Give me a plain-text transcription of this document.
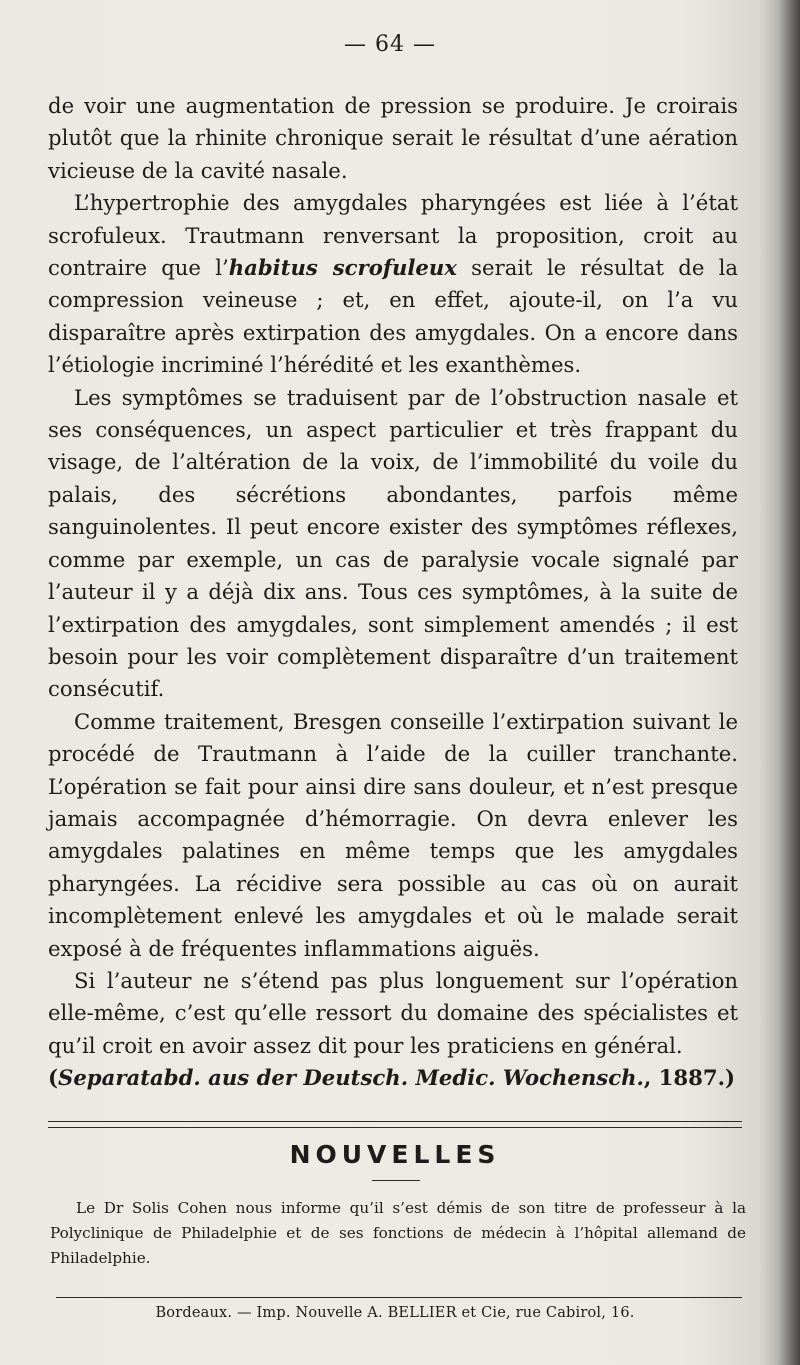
— 64 —

de voir une augmentation de pression se produire. Je croirais plutôt que la rhinite chronique serait le résultat d’une aération vicieuse de la cavité nasale.

L’hypertrophie des amygdales pharyngées est liée à l’état scrofuleux. Trautmann renversant la proposition, croit au contraire que l’habitus scrofuleux serait le résultat de la compression veineuse ; et, en effet, ajoute-il, on l’a vu disparaître après extirpation des amygdales. On a encore dans l’étiologie incriminé l’hérédité et les exanthèmes.

Les symptômes se traduisent par de l’obstruction nasale et ses conséquences, un aspect particulier et très frappant du visage, de l’altération de la voix, de l’immobilité du voile du palais, des sécrétions abondantes, parfois même sanguinolentes. Il peut encore exister des symptômes réflexes, comme par exemple, un cas de paralysie vocale signalé par l’auteur il y a déjà dix ans. Tous ces symptômes, à la suite de l’extirpation des amygdales, sont simplement amendés ; il est besoin pour les voir complètement disparaître d’un traitement consécutif.

Comme traitement, Bresgen conseille l’extirpation suivant le procédé de Trautmann à l’aide de la cuiller tranchante. L’opération se fait pour ainsi dire sans douleur, et n’est presque jamais accompagnée d’hémorragie. On devra enlever les amygdales palatines en même temps que les amygdales pharyngées. La récidive sera possible au cas où on aurait incomplètement enlevé les amygdales et où le malade serait exposé à de fréquentes inflammations aiguës.

Si l’auteur ne s’étend pas plus longuement sur l’opération elle-même, c’est qu’elle ressort du domaine des spécialistes et qu’il croit en avoir assez dit pour les praticiens en général.

(Separatabd. aus der Deutsch. Medic. Wochensch., 1887.)

NOUVELLES

Le Dr Solis Cohen nous informe qu’il s’est démis de son titre de professeur à la Polyclinique de Philadelphie et de ses fonctions de médecin à l’hôpital allemand de Philadelphie.

Bordeaux. — Imp. Nouvelle A. BELLIER et Cie, rue Cabirol, 16.
